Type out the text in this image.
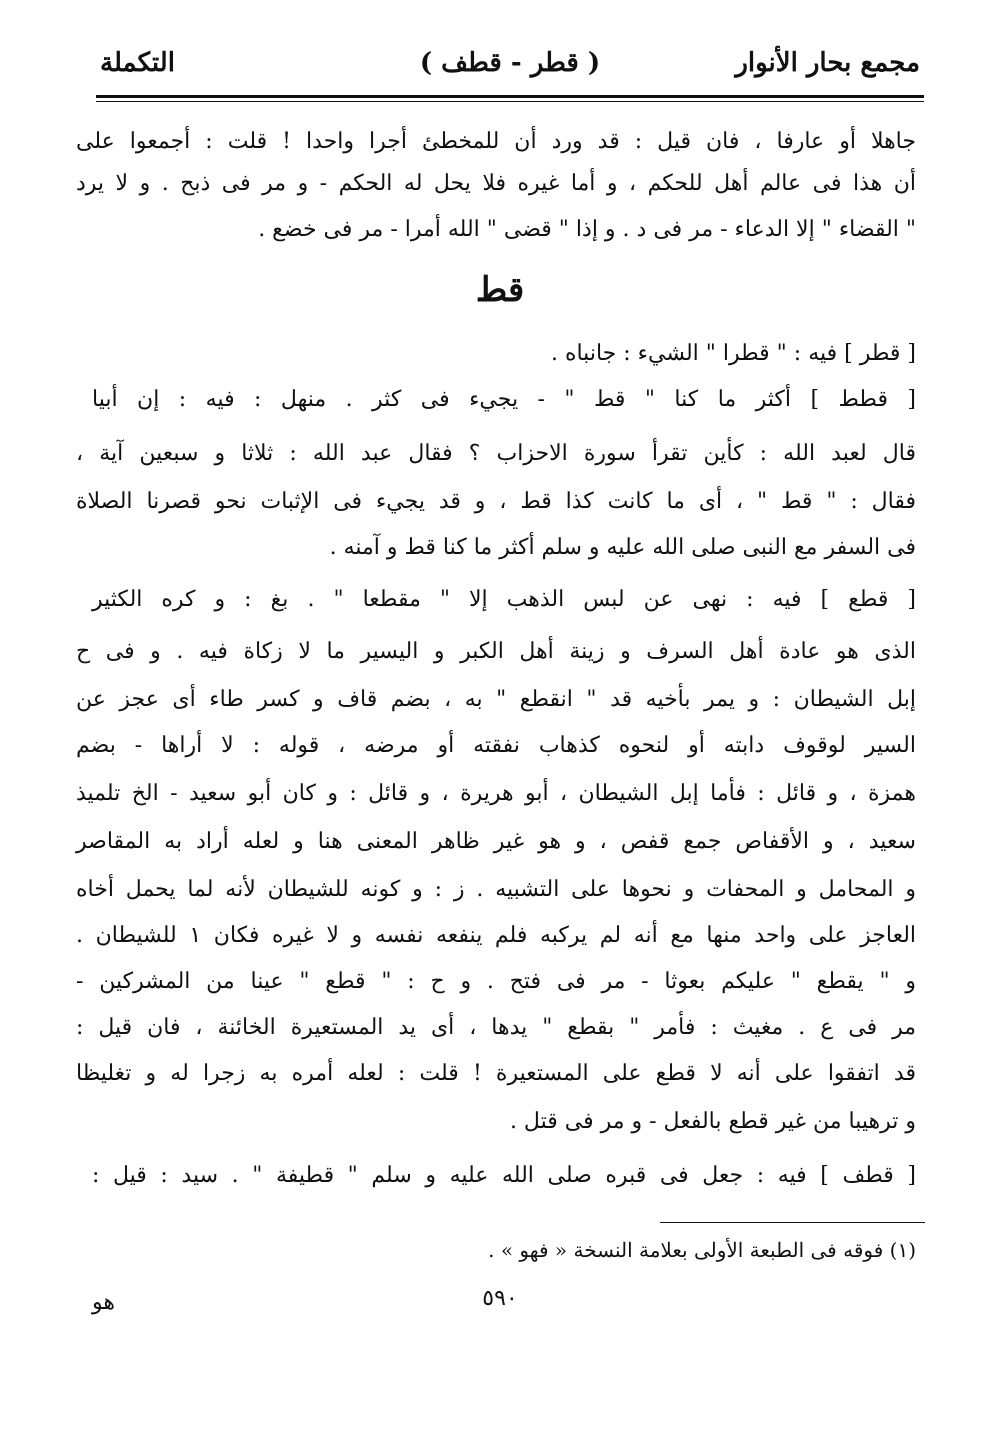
مجمع بحار الأنوار
( قطر - قطف )
التكملة
جاهلا أو عارفا ، فان قيل : قد ورد أن للمخطئ أجرا واحدا ! قلت : أجمعوا على
أن هذا فى عالم أهل للحكم ، و أما غيره فلا يحل له الحكم - و مر فى ذبح . و لا يرد
" القضاء " إلا الدعاء - مر فى د . و إذا " قضى " الله أمرا - مر فى خضع .
قط
[ قطر ] فيه : " قطرا " الشيء : جانباه .
[ قطط ] أكثر ما كنا " قط " - يجيء فى كثر . منهل : فيه : إن أبيا
قال لعبد الله : كأين تقرأ سورة الاحزاب ؟ فقال عبد الله : ثلاثا و سبعين آية ،
فقال : " قط " ، أى ما كانت كذا قط ، و قد يجيء فى الإثبات نحو قصرنا الصلاة
فى السفر مع النبى صلى الله عليه و سلم أكثر ما كنا قط و آمنه .
[ قطع ] فيه : نهى عن لبس الذهب إلا " مقطعا " . بغ : و كره الكثير
الذى هو عادة أهل السرف و زينة أهل الكبر و اليسير ما لا زكاة فيه . و فى ح
إبل الشيطان : و يمر بأخيه قد " انقطع " به ، بضم قاف و كسر طاء أى عجز عن
السير لوقوف دابته أو لنحوه كذهاب نفقته أو مرضه ، قوله : لا أراها - بضم
همزة ، و قائل : فأما إبل الشيطان ، أبو هريرة ، و قائل : و كان أبو سعيد - الخ تلميذ
سعيد ، و الأقفاص جمع قفص ، و هو غير ظاهر المعنى هنا و لعله أراد به المقاصر
و المحامل و المحفات و نحوها على التشبيه . ز : و كونه للشيطان لأنه لما يحمل أخاه
العاجز على واحد منها مع أنه لم يركبه فلم ينفعه نفسه و لا غيره فكان ١ للشيطان .
و " يقطع " عليكم بعوثا - مر فى فتح . و ح : " قطع " عينا من المشركين -
مر فى ع . مغيث : فأمر " بقطع " يدها ، أى يد المستعيرة الخائنة ، فان قيل :
قد اتفقوا على أنه لا قطع على المستعيرة ! قلت : لعله أمره به زجرا له و تغليظا
و ترهيبا من غير قطع بالفعل - و مر فى قتل .
[ قطف ] فيه : جعل فى قبره صلى الله عليه و سلم " قطيفة " . سيد : قيل :
(١) فوقه فى الطبعة الأولى بعلامة النسخة « فهو » .
٥٩٠
هو
